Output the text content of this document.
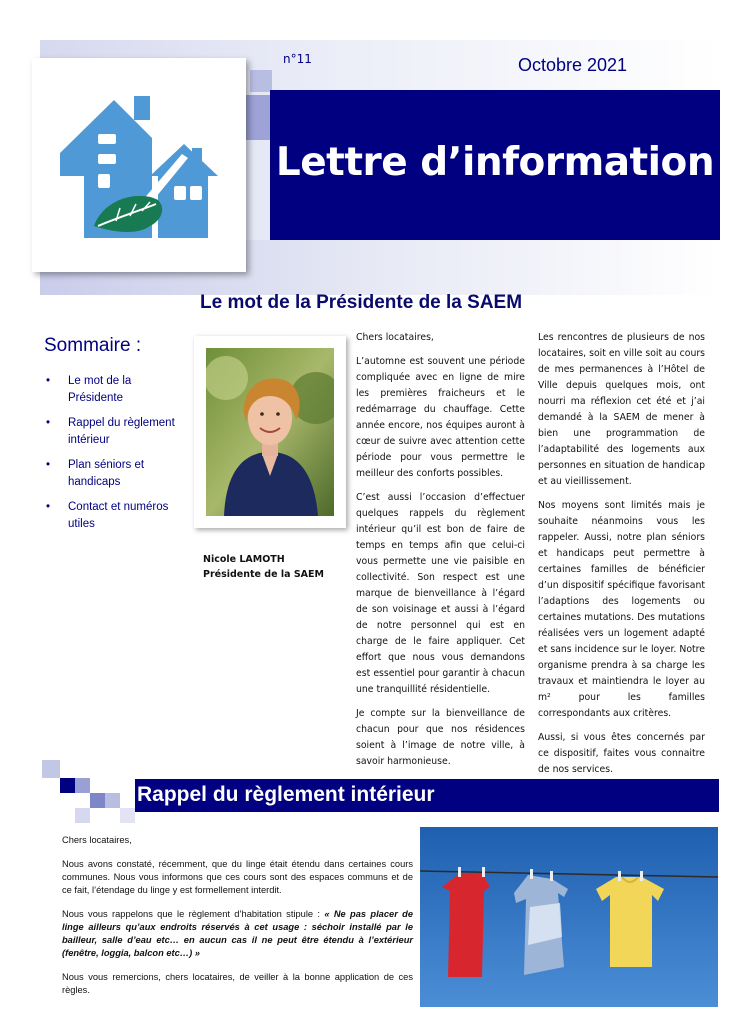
Lettre d’information
n°11	Octobre 2021
Le mot de la Présidente de la SAEM
Sommaire :
• Le mot de la Présidente
• Rappel du règlement intérieur
• Plan séniors et handicaps
• Contact et numéros utiles
Nicole LAMOTH
Présidente de la SAEM

Chers locataires,

L’automne est souvent une période compliquée avec en ligne de mire les premières fraicheurs et le redémarrage du chauffage. Cette année encore, nos équipes auront à cœur de suivre avec attention cette période pour vous permettre le meilleur des conforts possibles.

C’est aussi l’occasion d’effectuer quelques rappels du règlement intérieur qu’il est bon de faire de temps en temps afin que celui-ci vous permette une vie paisible en collectivité. Son respect est une marque de bienveillance à l’égard de son voisinage et aussi à l’égard de notre personnel qui est en charge de le faire appliquer. Cet effort que nous vous demandons est essentiel pour garantir à chacun une tranquillité résidentielle.

Je compte sur la bienveillance de chacun pour que nos résidences soient à l’image de notre ville, à savoir harmonieuse.

Les rencontres de plusieurs de nos locataires, soit en ville soit au cours de mes permanences à l’Hôtel de Ville depuis quelques mois, ont nourri ma réflexion cet été et j’ai demandé à la SAEM de mener à bien une programmation de l’adaptabilité des logements aux personnes en situation de handicap et au vieillissement.

Nos moyens sont limités mais je souhaite néanmoins vous les rappeler. Aussi, notre plan séniors et handicaps peut permettre à certaines familles de bénéficier d’un dispositif spécifique favorisant l’adaptions des logements ou certaines mutations. Des mutations réalisées vers un logement adapté et sans incidence sur le loyer. Notre organisme prendra à sa charge les travaux et maintiendra le loyer au m² pour les familles correspondants aux critères.

Aussi, si vous êtes concernés par ce dispositif, faites vous connaitre de nos services.

Rappel du règlement intérieur

Chers locataires,

Nous avons constaté, récemment, que du linge était étendu dans certaines cours communes. Nous vous informons que ces cours sont des espaces communs et de ce fait, l’étendage du linge y est formellement interdit.

Nous vous rappelons que le règlement d’habitation stipule : « Ne pas placer de linge ailleurs qu’aux endroits réservés à cet usage : séchoir installé par le bailleur, salle d’eau etc… en aucun cas il ne peut être étendu à l’extérieur (fenêtre, loggia, balcon etc…) »

Nous vous remercions, chers locataires, de veiller à la bonne application de ces règles.
